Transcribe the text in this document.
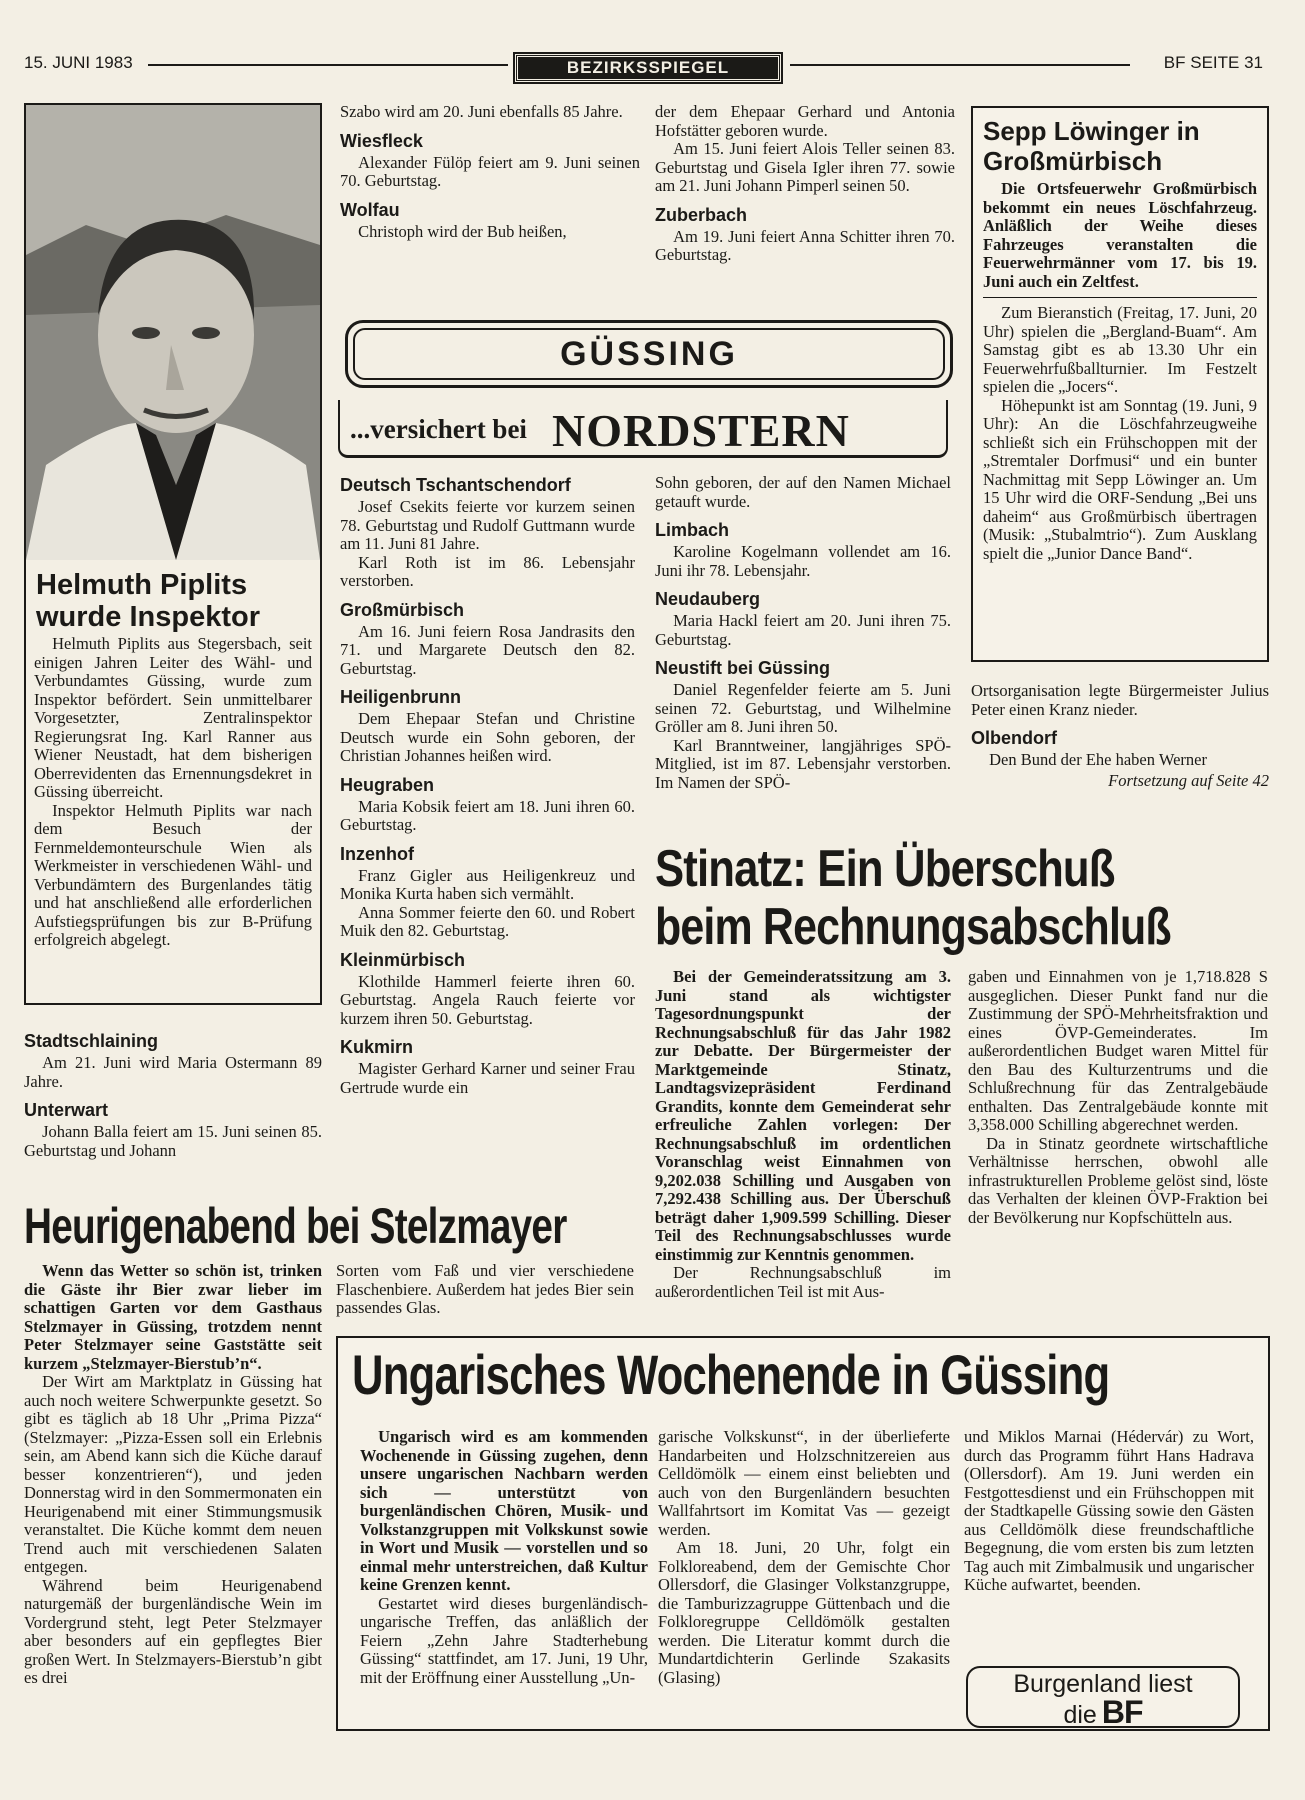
15. JUNI 1983	BEZIRKSSPIEGEL	BF SEITE 31
Helmuth Piplits
wurde Inspektor

Helmuth Piplits aus Stegersbach, seit einigen Jahren Leiter des Wähl- und Verbundamtes Güssing, wurde zum Inspektor befördert. Sein unmittelbarer Vorgesetzter, Zentralinspektor Regierungsrat Ing. Karl Ranner aus Wiener Neustadt, hat dem bisherigen Oberrevidenten das Ernennungsdekret in Güssing überreicht.

Inspektor Helmuth Piplits war nach dem Besuch der Fernmeldemonteurschule Wien als Werkmeister in verschiedenen Wähl- und Verbundämtern des Burgenlandes tätig und hat anschließend alle erforderlichen Aufstiegsprüfungen bis zur B-Prüfung erfolgreich abgelegt.

Stadtschlaining

Am 21. Juni wird Maria Ostermann 89 Jahre.

Unterwart

Johann Balla feiert am 15. Juni seinen 85. Geburtstag und Johann

Szabo wird am 20. Juni ebenfalls 85 Jahre.

Wiesfleck

Alexander Fülöp feiert am 9. Juni seinen 70. Geburtstag.

Wolfau

Christoph wird der Bub heißen,

der dem Ehepaar Gerhard und Antonia Hofstätter geboren wurde.

Am 15. Juni feiert Alois Teller seinen 83. Geburtstag und Gisela Igler ihren 77. sowie am 21. Juni Johann Pimperl seinen 50.

Zuberbach

Am 19. Juni feiert Anna Schitter ihren 70. Geburtstag.

GÜSSING
...versichert bei NORDSTERN
Deutsch Tschantschendorf

Josef Csekits feierte vor kurzem seinen 78. Geburtstag und Rudolf Guttmann wurde am 11. Juni 81 Jahre.

Karl Roth ist im 86. Lebensjahr verstorben.

Großmürbisch

Am 16. Juni feiern Rosa Jandrasits den 71. und Margarete Deutsch den 82. Geburtstag.

Heiligenbrunn

Dem Ehepaar Stefan und Christine Deutsch wurde ein Sohn geboren, der Christian Johannes heißen wird.

Heugraben

Maria Kobsik feiert am 18. Juni ihren 60. Geburtstag.

Inzenhof

Franz Gigler aus Heiligenkreuz und Monika Kurta haben sich vermählt.

Anna Sommer feierte den 60. und Robert Muik den 82. Geburtstag.

Kleinmürbisch

Klothilde Hammerl feierte ihren 60. Geburtstag. Angela Rauch feierte vor kurzem ihren 50. Geburtstag.

Kukmirn

Magister Gerhard Karner und seiner Frau Gertrude wurde ein

Sohn geboren, der auf den Namen Michael getauft wurde.

Limbach

Karoline Kogelmann vollendet am 16. Juni ihr 78. Lebensjahr.

Neudauberg

Maria Hackl feiert am 20. Juni ihren 75. Geburtstag.

Neustift bei Güssing

Daniel Regenfelder feierte am 5. Juni seinen 72. Geburtstag, und Wilhelmine Gröller am 8. Juni ihren 50.

Karl Branntweiner, langjähriges SPÖ-Mitglied, ist im 87. Lebensjahr verstorben. Im Namen der SPÖ-

Sepp Löwinger in
Großmürbisch

Die Ortsfeuerwehr Großmürbisch bekommt ein neues Löschfahrzeug. Anläßlich der Weihe dieses Fahrzeuges veranstalten die Feuerwehrmänner vom 17. bis 19. Juni auch ein Zeltfest.

Zum Bieranstich (Freitag, 17. Juni, 20 Uhr) spielen die „Bergland-Buam“. Am Samstag gibt es ab 13.30 Uhr ein Feuerwehrfußballturnier. Im Festzelt spielen die „Jocers“.

Höhepunkt ist am Sonntag (19. Juni, 9 Uhr): An die Löschfahrzeugweihe schließt sich ein Frühschoppen mit der „Stremtaler Dorfmusi“ und ein bunter Nachmittag mit Sepp Löwinger an. Um 15 Uhr wird die ORF-Sendung „Bei uns daheim“ aus Großmürbisch übertragen (Musik: „Stubalmtrio“). Zum Ausklang spielt die „Junior Dance Band“.

Ortsorganisation legte Bürgermeister Julius Peter einen Kranz nieder.

Olbendorf

Den Bund der Ehe haben Werner

Fortsetzung auf Seite 42

Stinatz: Ein Überschuß
beim Rechnungsabschluß

Bei der Gemeinderatssitzung am 3. Juni stand als wichtigster Tagesordnungspunkt der Rechnungsabschluß für das Jahr 1982 zur Debatte. Der Bürgermeister der Marktgemeinde Stinatz, Landtagsvizepräsident Ferdinand Grandits, konnte dem Gemeinderat sehr erfreuliche Zahlen vorlegen: Der Rechnungsabschluß im ordentlichen Voranschlag weist Einnahmen von 9,202.038 Schilling und Ausgaben von 7,292.438 Schilling aus. Der Überschuß beträgt daher 1,909.599 Schilling. Dieser Teil des Rechnungsabschlusses wurde einstimmig zur Kenntnis genommen.

Der Rechnungsabschluß im außerordentlichen Teil ist mit Aus-

gaben und Einnahmen von je 1,718.828 S ausgeglichen. Dieser Punkt fand nur die Zustimmung der SPÖ-Mehrheitsfraktion und eines ÖVP-Gemeinderates. Im außerordentlichen Budget waren Mittel für den Bau des Kulturzentrums und die Schlußrechnung für das Zentralgebäude enthalten. Das Zentralgebäude konnte mit 3,358.000 Schilling abgerechnet werden.

Da in Stinatz geordnete wirtschaftliche Verhältnisse herrschen, obwohl alle infrastrukturellen Probleme gelöst sind, löste das Verhalten der kleinen ÖVP-Fraktion bei der Bevölkerung nur Kopfschütteln aus.

Heurigenabend bei Stelzmayer

Wenn das Wetter so schön ist, trinken die Gäste ihr Bier zwar lieber im schattigen Garten vor dem Gasthaus Stelzmayer in Güssing, trotzdem nennt Peter Stelzmayer seine Gaststätte seit kurzem „Stelzmayer-Bierstub’n“.

Der Wirt am Marktplatz in Güssing hat auch noch weitere Schwerpunkte gesetzt. So gibt es täglich ab 18 Uhr „Prima Pizza“ (Stelzmayer: „Pizza-Essen soll ein Erlebnis sein, am Abend kann sich die Küche darauf besser konzentrieren“), und jeden Donnerstag wird in den Sommermonaten ein Heurigenabend mit einer Stimmungsmusik veranstaltet. Die Küche kommt dem neuen Trend auch mit verschiedenen Salaten entgegen.

Während beim Heurigenabend naturgemäß der burgenländische Wein im Vordergrund steht, legt Peter Stelzmayer aber besonders auf ein gepflegtes Bier großen Wert. In Stelzmayers-Bierstub’n gibt es drei

Sorten vom Faß und vier verschiedene Flaschenbiere. Außerdem hat jedes Bier sein passendes Glas.

Ungarisches Wochenende in Güssing

Ungarisch wird es am kommenden Wochenende in Güssing zugehen, denn unsere ungarischen Nachbarn werden sich — unterstützt von burgenländischen Chören, Musik- und Volkstanzgruppen mit Volkskunst sowie in Wort und Musik — vorstellen und so einmal mehr unterstreichen, daß Kultur keine Grenzen kennt.

Gestartet wird dieses burgenländisch-ungarische Treffen, das anläßlich der Feiern „Zehn Jahre Stadterhebung Güssing“ stattfindet, am 17. Juni, 19 Uhr, mit der Eröffnung einer Ausstellung „Un-

garische Volkskunst“, in der überlieferte Handarbeiten und Holzschnitzereien aus Celldömölk — einem einst beliebten und auch von den Burgenländern besuchten Wallfahrtsort im Komitat Vas — gezeigt werden.

Am 18. Juni, 20 Uhr, folgt ein Folkloreabend, dem der Gemischte Chor Ollersdorf, die Glasinger Volkstanzgruppe, die Tamburizzagruppe Güttenbach und die Folkloregruppe Celldömölk gestalten werden. Die Literatur kommt durch die Mundartdichterin Gerlinde Szakasits (Glasing)

und Miklos Marnai (Hédervár) zu Wort, durch das Programm führt Hans Hadrava (Ollersdorf). Am 19. Juni werden ein Festgottesdienst und ein Frühschoppen mit der Stadtkapelle Güssing sowie den Gästen aus Celldömölk diese freundschaftliche Begegnung, die vom ersten bis zum letzten Tag auch mit Zimbalmusik und ungarischer Küche aufwartet, beenden.

Burgenland liest
die BF
